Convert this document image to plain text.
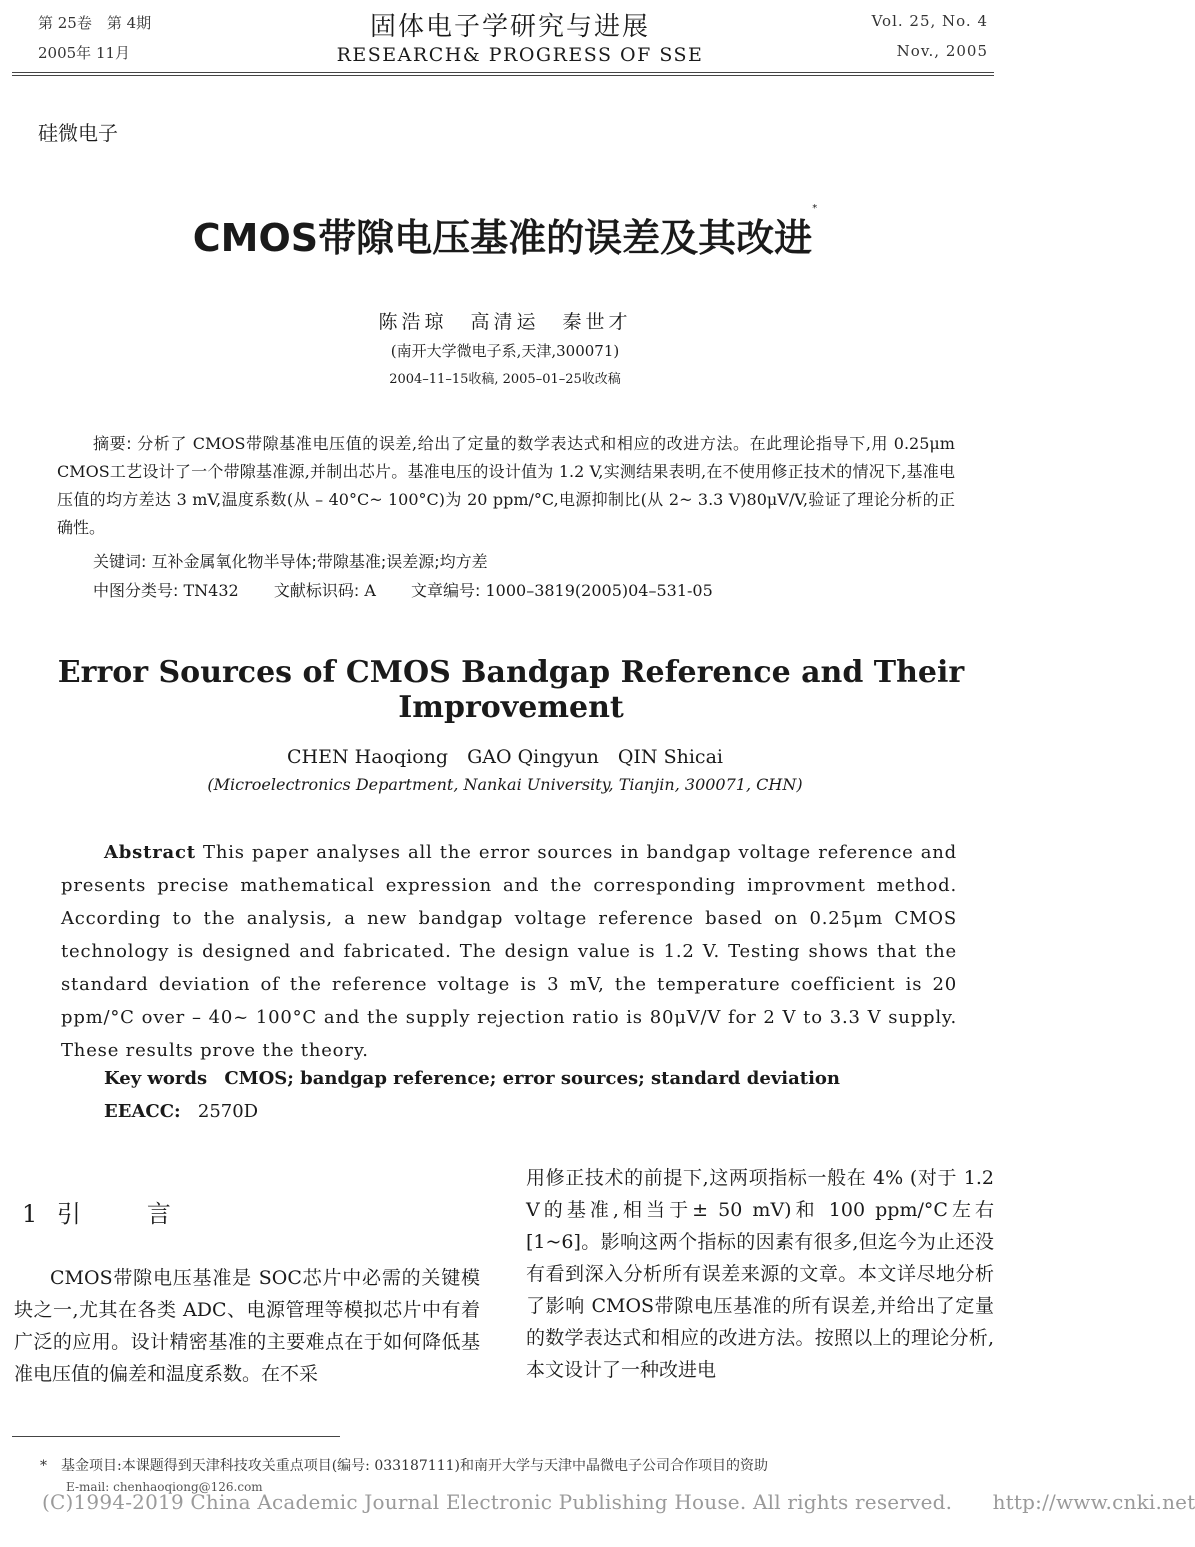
第 25卷　第 4期
2005年 11月
固体电子学研究与进展
RESEARCH& PROGRESS OF SSE
Vol. 25, No. 4
Nov., 2005
硅微电子
CMOS带隙电压基准的误差及其改进*
陈浩琼　高清运　秦世才
(南开大学微电子系,天津,300071)
2004–11–15收稿, 2005–01–25收改稿
摘要: 分析了 CMOS带隙基准电压值的误差,给出了定量的数学表达式和相应的改进方法。在此理论指导下,用 0.25μm CMOS工艺设计了一个带隙基准源,并制出芯片。基准电压的设计值为 1.2 V,实测结果表明,在不使用修正技术的情况下,基准电压值的均方差达 3 mV,温度系数(从 – 40°C~ 100°C)为 20 ppm/°C,电源抑制比(从 2~ 3.3 V)80μV/V,验证了理论分析的正确性。
关键词: 互补金属氧化物半导体;带隙基准;误差源;均方差
中图分类号: TN432 文献标识码: A 文章编号: 1000–3819(2005)04–531-05
Error Sources of CMOS Bandgap Reference and Their Improvement
CHEN Haoqiong　GAO Qingyun　QIN Shicai
(Microelectronics Department, Nankai University, Tianjin, 300071, CHN)
Abstract This paper analyses all the error sources in bandgap voltage reference and presents precise mathematical expression and the corresponding improvment method. According to the analysis, a new bandgap voltage reference based on 0.25μm CMOS technology is designed and fabricated. The design value is 1.2 V. Testing shows that the standard deviation of the reference voltage is 3 mV, the temperature coefficient is 20 ppm/°C over – 40~ 100°C and the supply rejection ratio is 80μV/V for 2 V to 3.3 V supply. These results prove the theory.
Key words CMOS; bandgap reference; error sources; standard deviation
EEACC: 2570D
1 引　　言
CMOS带隙电压基准是 SOC芯片中必需的关键模块之一,尤其在各类 ADC、电源管理等模拟芯片中有着广泛的应用。设计精密基准的主要难点在于如何降低基准电压值的偏差和温度系数。在不采
用修正技术的前提下,这两项指标一般在 4% (对于 1.2 V的基准,相当于± 50 mV)和 100 ppm/°C左右 [1~6]。影响这两个指标的因素有很多,但迄今为止还没有看到深入分析所有误差来源的文章。本文详尽地分析了影响 CMOS带隙电压基准的所有误差,并给出了定量的数学表达式和相应的改进方法。按照以上的理论分析,本文设计了一种改进电
*　基金项目:本课题得到天津科技攻关重点项目(编号: 033187111)和南开大学与天津中晶微电子公司合作项目的资助
E-mail: chenhaoqiong@126.com
(C)1994-2019 China Academic Journal Electronic Publishing House. All rights reserved.　　http://www.cnki.net
